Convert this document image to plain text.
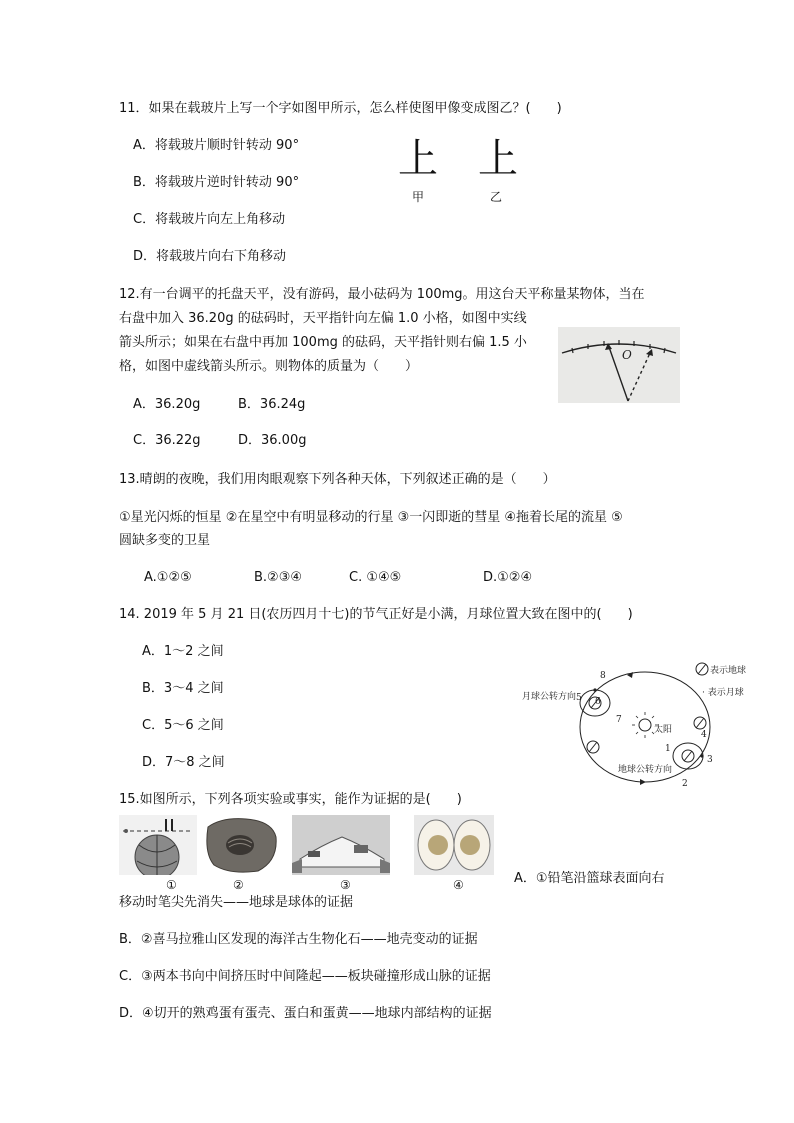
11．如果在载玻片上写一个字如图甲所示，怎么样使图甲像变成图乙？(　　)
A．将载玻片顺时针转动 90°
B．将载玻片逆时针转动 90°
C．将载玻片向左上角移动
D．将载玻片向右下角移动
上 上
甲	乙
12.有一台调平的托盘天平，没有游码，最小砝码为 100mg。用这台天平称量某物体，当在
右盘中加入 36.20g 的砝码时，天平指针向左偏 1.0 小格，如图中实线
箭头所示；如果在右盘中再加 100mg 的砝码，天平指针则右偏 1.5 小
格，如图中虚线箭头所示。则物体的质量为（　　）
A．36.20g	B．36.24g
C．36.22g	D．36.00g
O
13.晴朗的夜晚，我们用肉眼观察下列各种天体，下列叙述正确的是（　　）
①星光闪烁的恒星 ②在星空中有明显移动的行星 ③一闪即逝的彗星 ④拖着长尾的流星 ⑤
圆缺多变的卫星
A.①②⑤	B.②③④	C. ①④⑤	D.①②④
14. 2019 年 5 月 21 日(农历四月十七)的节气正好是小满，月球位置大致在图中的(　　)
A．1～2 之间
B．3～4 之间
C．5～6 之间
D．7～8 之间
太阳
8
5 6
7
1
2
3
4
月球公转方向
地球公转方向
表示地球
· 表示月球
15.如图所示，下列各项实验或事实，能作为证据的是(　　)
①	②	③	④	A．①铅笔沿篮球表面向右
移动时笔尖先消失——地球是球体的证据
B．②喜马拉雅山区发现的海洋古生物化石——地壳变动的证据
C．③两本书向中间挤压时中间隆起——板块碰撞形成山脉的证据
D．④切开的熟鸡蛋有蛋壳、蛋白和蛋黄——地球内部结构的证据
